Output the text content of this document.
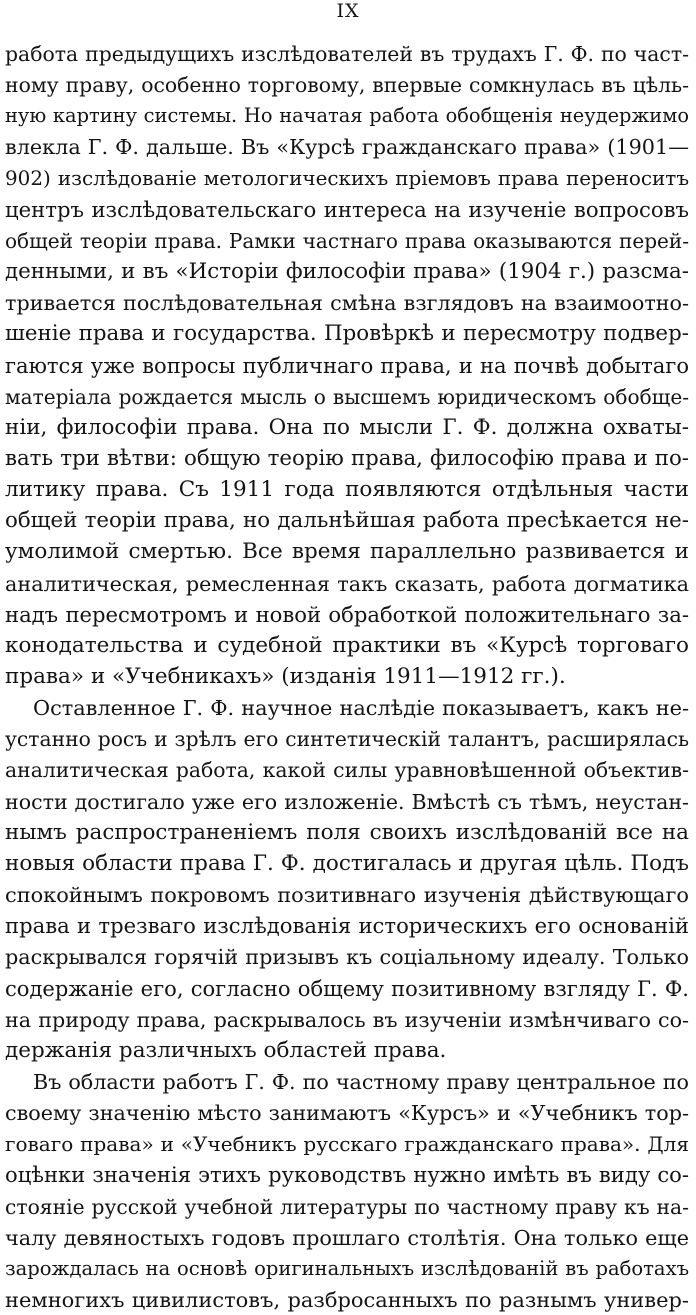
IX
работа предыдущихъ изслѣдователей въ трудахъ Г. Ф. по част-
ному праву, особенно торговому, впервые сомкнулась въ цѣль-
ную картину системы. Но начатая работа обобщенія неудержимо
влекла Г. Ф. дальше. Въ «Курсѣ гражданскаго права» (1901—
902) изслѣдованіе метологическихъ пріемовъ права переноситъ
центръ изслѣдовательскаго интереса на изученіе вопросовъ
общей теоріи права. Рамки частнаго права оказываются перей-
денными, и въ «Исторіи философіи права» (1904 г.) разсма-
тривается послѣдовательная смѣна взглядовъ на взаимоотно-
шеніе права и государства. Провѣркѣ и пересмотру подвер-
гаются уже вопросы публичнаго права, и на почвѣ добытаго
матеріала рождается мысль о высшемъ юридическомъ обобще-
ніи, философіи права. Она по мысли Г. Ф. должна охваты-
вать три вѣтви: общую теорію права, философію права и по-
литику права. Съ 1911 года появляются отдѣльныя части
общей теоріи права, но дальнѣйшая работа пресѣкается не-
умолимой смертью. Все время параллельно развивается и
аналитическая, ремесленная такъ сказать, работа догматика
надъ пересмотромъ и новой обработкой положительнаго за-
конодательства и судебной практики въ «Курсѣ торговаго
права» и «Учебникахъ» (изданія 1911—1912 гг.).
Оставленное Г. Ф. научное наслѣдіе показываетъ, какъ не-
устанно росъ и зрѣлъ его синтетическій талантъ, расширялась
аналитическая работа, какой силы уравновѣшенной объектив-
ности достигало уже его изложеніе. Вмѣстѣ съ тѣмъ, неустан-
нымъ распространеніемъ поля своихъ изслѣдованій все на
новыя области права Г. Ф. достигалась и другая цѣль. Подъ
спокойнымъ покровомъ позитивнаго изученія дѣйствующаго
права и трезваго изслѣдованія историческихъ его основаній
раскрывался горячій призывъ къ соціальному идеалу. Только
содержаніе его, согласно общему позитивному взгляду Г. Ф.
на природу права, раскрывалось въ изученіи измѣнчиваго со-
держанія различныхъ областей права.
Въ области работъ Г. Ф. по частному праву центральное по
своему значенію мѣсто занимаютъ «Курсъ» и «Учебникъ тор-
говаго права» и «Учебникъ русскаго гражданскаго права». Для
оцѣнки значенія этихъ руководствъ нужно имѣть въ виду со-
стояніе русской учебной литературы по частному праву къ на-
чалу девяностыхъ годовъ прошлаго столѣтія. Она только еще
зарождалась на основѣ оригинальныхъ изслѣдованій въ работахъ
немногихъ цивилистовъ, разбросанныхъ по разнымъ универ-
